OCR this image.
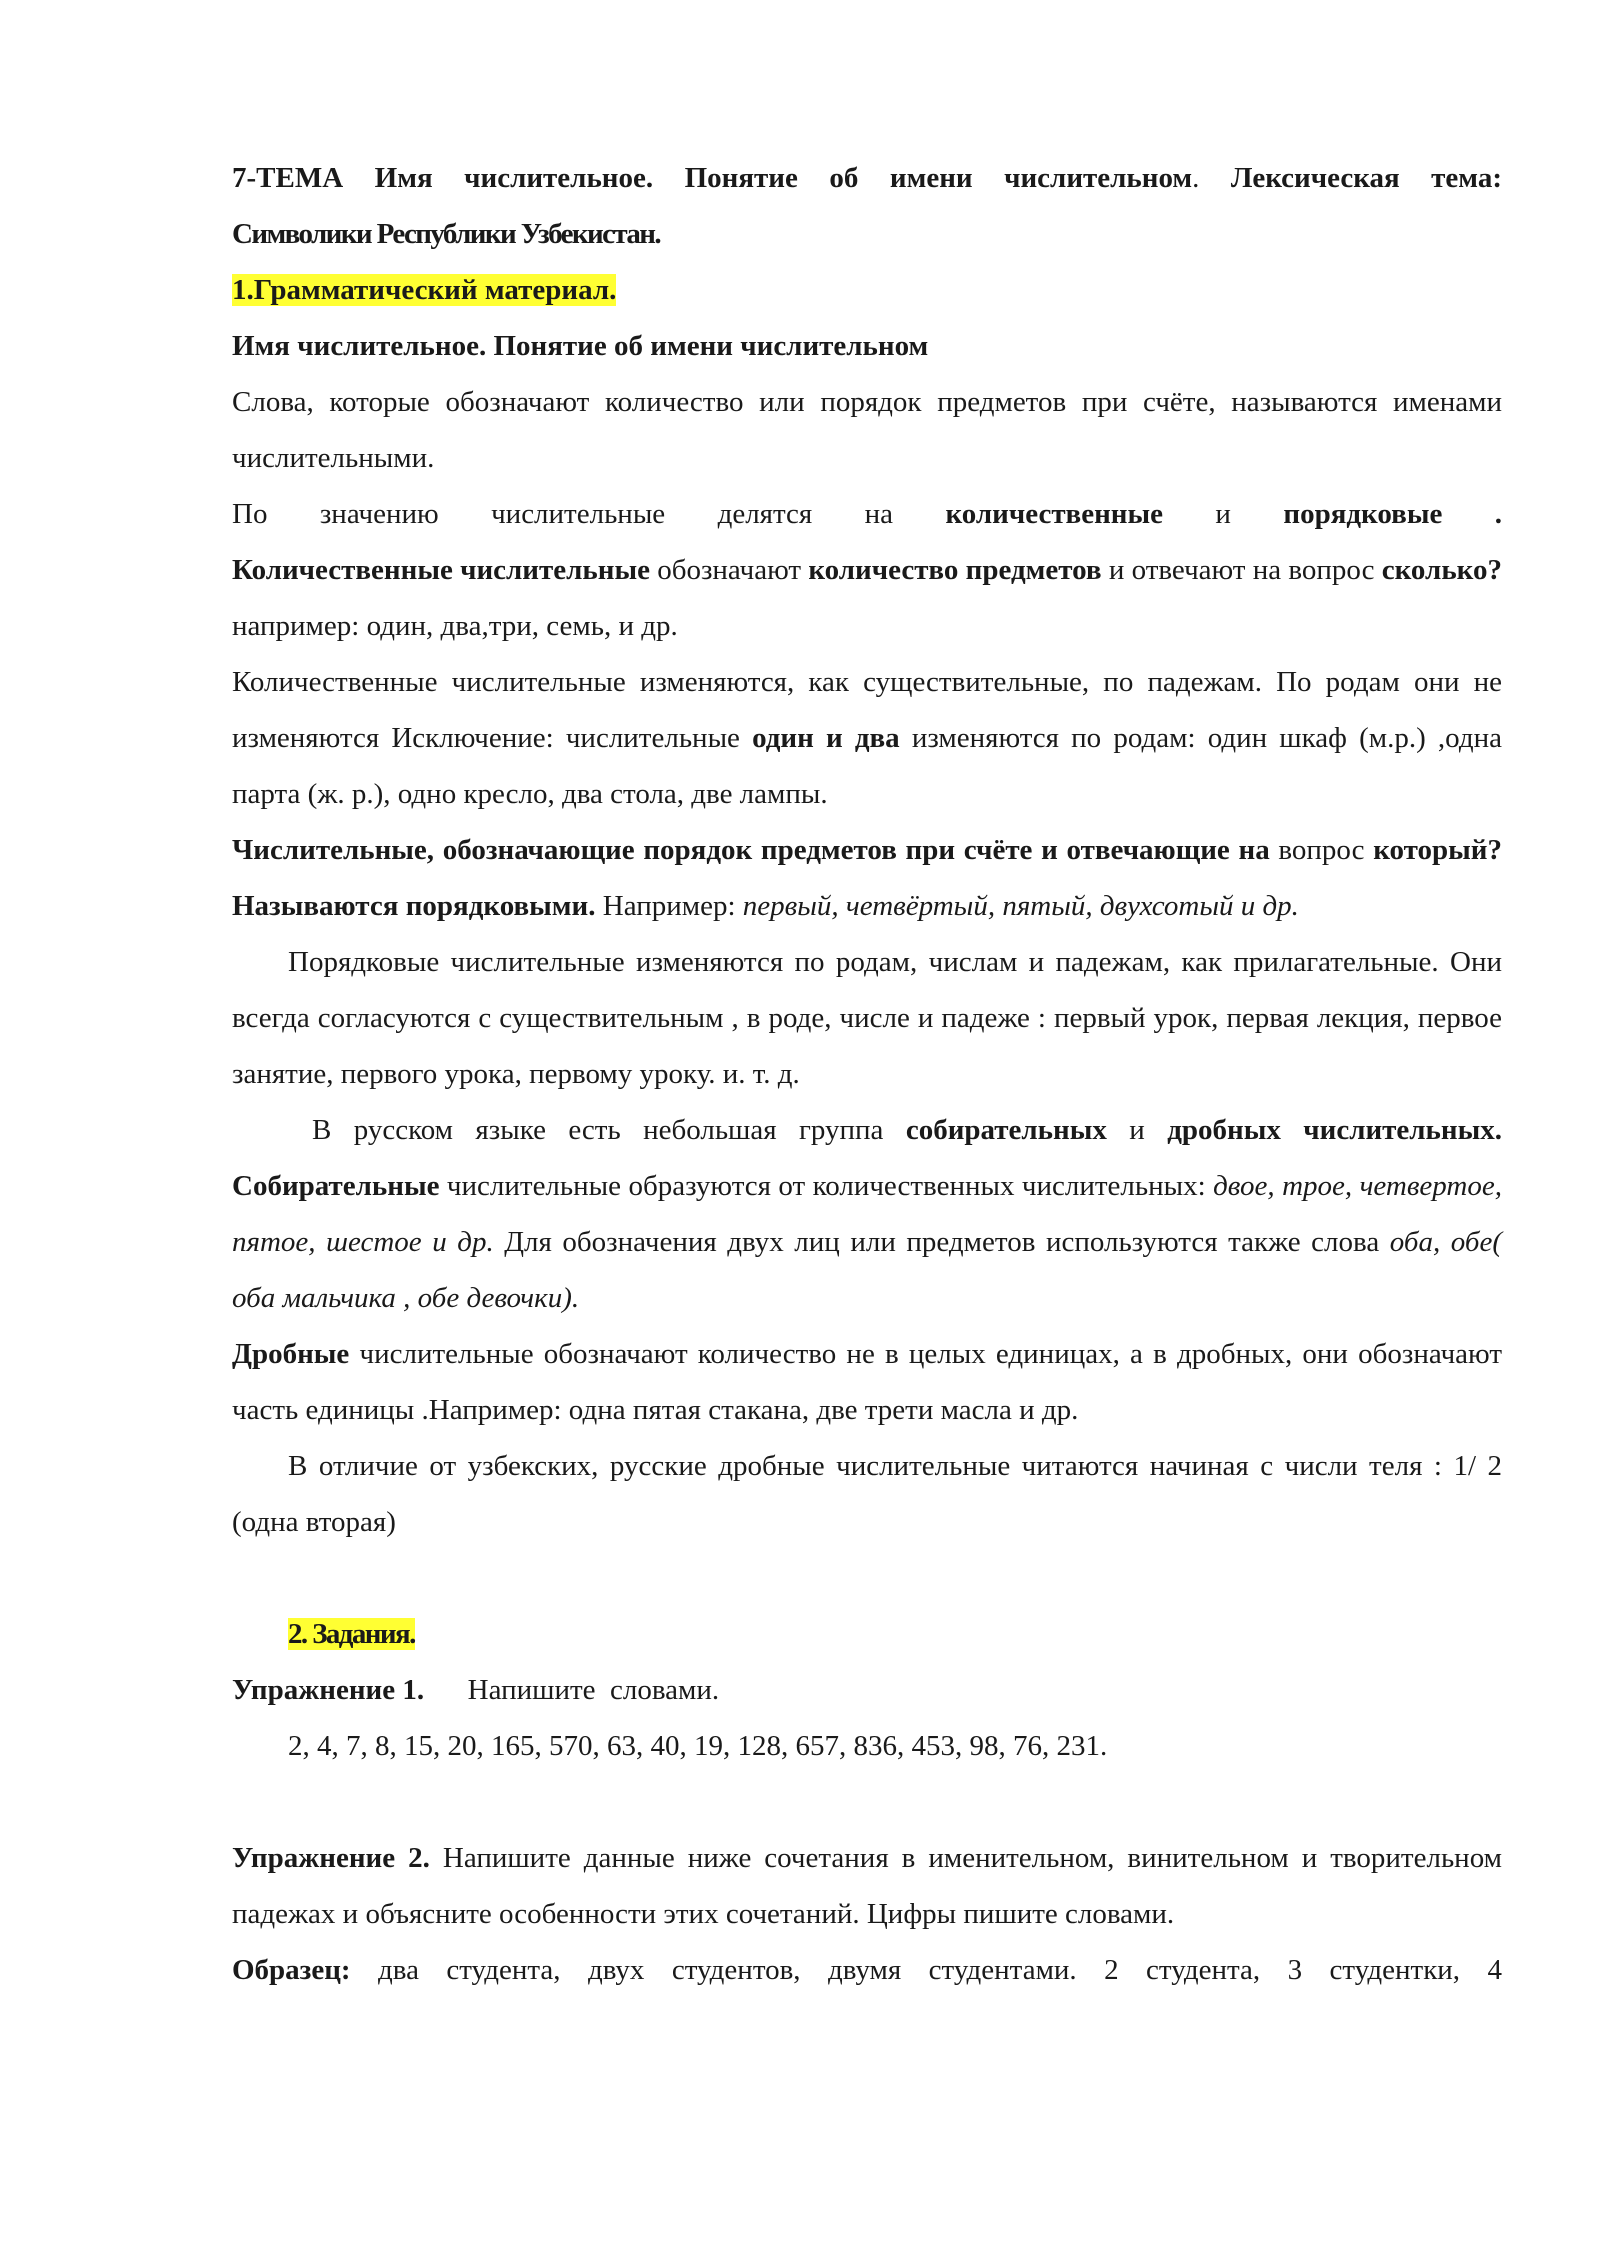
7-ТЕМА Имя числительное. Понятие об имени числительном. Лексическая тема:

Символики Республики Узбекистан.

1.Грамматический материал.

Имя числительное. Понятие об имени числительном

Слова, которые обозначают количество или порядок предметов при счёте, называются именами числительными.

По значению числительные делятся на количественные и порядковые .

Количественные числительные обозначают количество предметов и отвечают на вопрос сколько? например: один, два,три, семь, и др.

Количественные числительные изменяются, как существительные, по падежам. По родам они не изменяются Исключение: числительные один и два изменяются по родам: один шкаф (м.р.) ,одна парта (ж. р.), одно кресло, два стола, две лампы.

Числительные, обозначающие порядок предметов при счёте и отвечающие на вопрос который? Называются порядковыми. Например: первый, четвёртый, пятый, двухсотый и др.

Порядковые числительные изменяются по родам, числам и падежам, как прилагательные. Они всегда согласуются с существительным , в роде, числе и падеже : первый урок, первая лекция, первое занятие, первого урока, первому уроку. и. т. д.

В русском языке есть небольшая группа собирательных и дробных числительных. Собирательные числительные образуются от количественных числительных: двое, трое, четвертое, пятое, шестое и др. Для обозначения двух лиц или предметов используются также слова оба, обе( оба мальчика , обе девочки).

Дробные числительные обозначают количество не в целых единицах, а в дробных, они обозначают часть единицы .Например: одна пятая стакана, две трети масла и др.

В отличие от узбекских, русские дробные числительные читаются начиная с числи теля : 1/ 2 (одна вторая)

2. Задания.

Упражнение 1.      Напишите  словами.

2, 4, 7, 8, 15, 20, 165, 570, 63, 40, 19, 128, 657, 836, 453, 98, 76, 231.

Упражнение 2. Напишите данные ниже сочетания в именительном, винительном и творительном падежах и объясните особенности этих сочетаний. Цифры пишите словами.

Образец: два студента, двух студентов, двумя студентами. 2 студента, 3 студентки, 4
